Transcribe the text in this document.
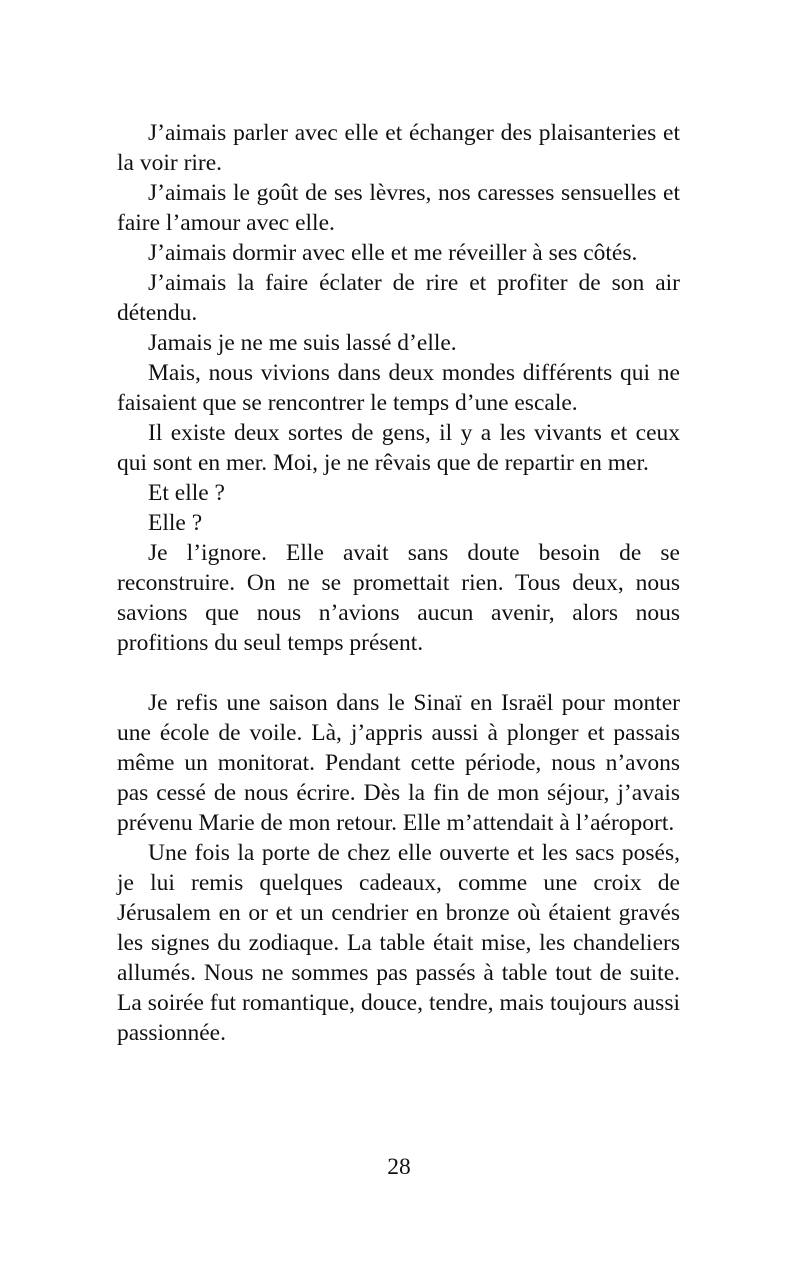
J’aimais parler avec elle et échanger des plaisanteries et la voir rire.

J’aimais le goût de ses lèvres, nos caresses sensuelles et faire l’amour avec elle.

J’aimais dormir avec elle et me réveiller à ses côtés.

J’aimais la faire éclater de rire et profiter de son air détendu.

Jamais je ne me suis lassé d’elle.

Mais, nous vivions dans deux mondes différents qui ne faisaient que se rencontrer le temps d’une escale.

Il existe deux sortes de gens, il y a les vivants et ceux qui sont en mer. Moi, je ne rêvais que de repartir en mer.

Et elle ?

Elle ?

Je l’ignore. Elle avait sans doute besoin de se reconstruire. On ne se promettait rien. Tous deux, nous savions que nous n’avions aucun avenir, alors nous profitions du seul temps présent.

Je refis une saison dans le Sinaï en Israël pour monter une école de voile. Là, j’appris aussi à plonger et passais même un monitorat. Pendant cette période, nous n’avons pas cessé de nous écrire. Dès la fin de mon séjour, j’avais prévenu Marie de mon retour. Elle m’attendait à l’aéroport.

Une fois la porte de chez elle ouverte et les sacs posés, je lui remis quelques cadeaux, comme une croix de Jérusalem en or et un cendrier en bronze où étaient gravés les signes du zodiaque. La table était mise, les chandeliers allumés. Nous ne sommes pas passés à table tout de suite. La soirée fut romantique, douce, tendre, mais toujours aussi passionnée.

28
